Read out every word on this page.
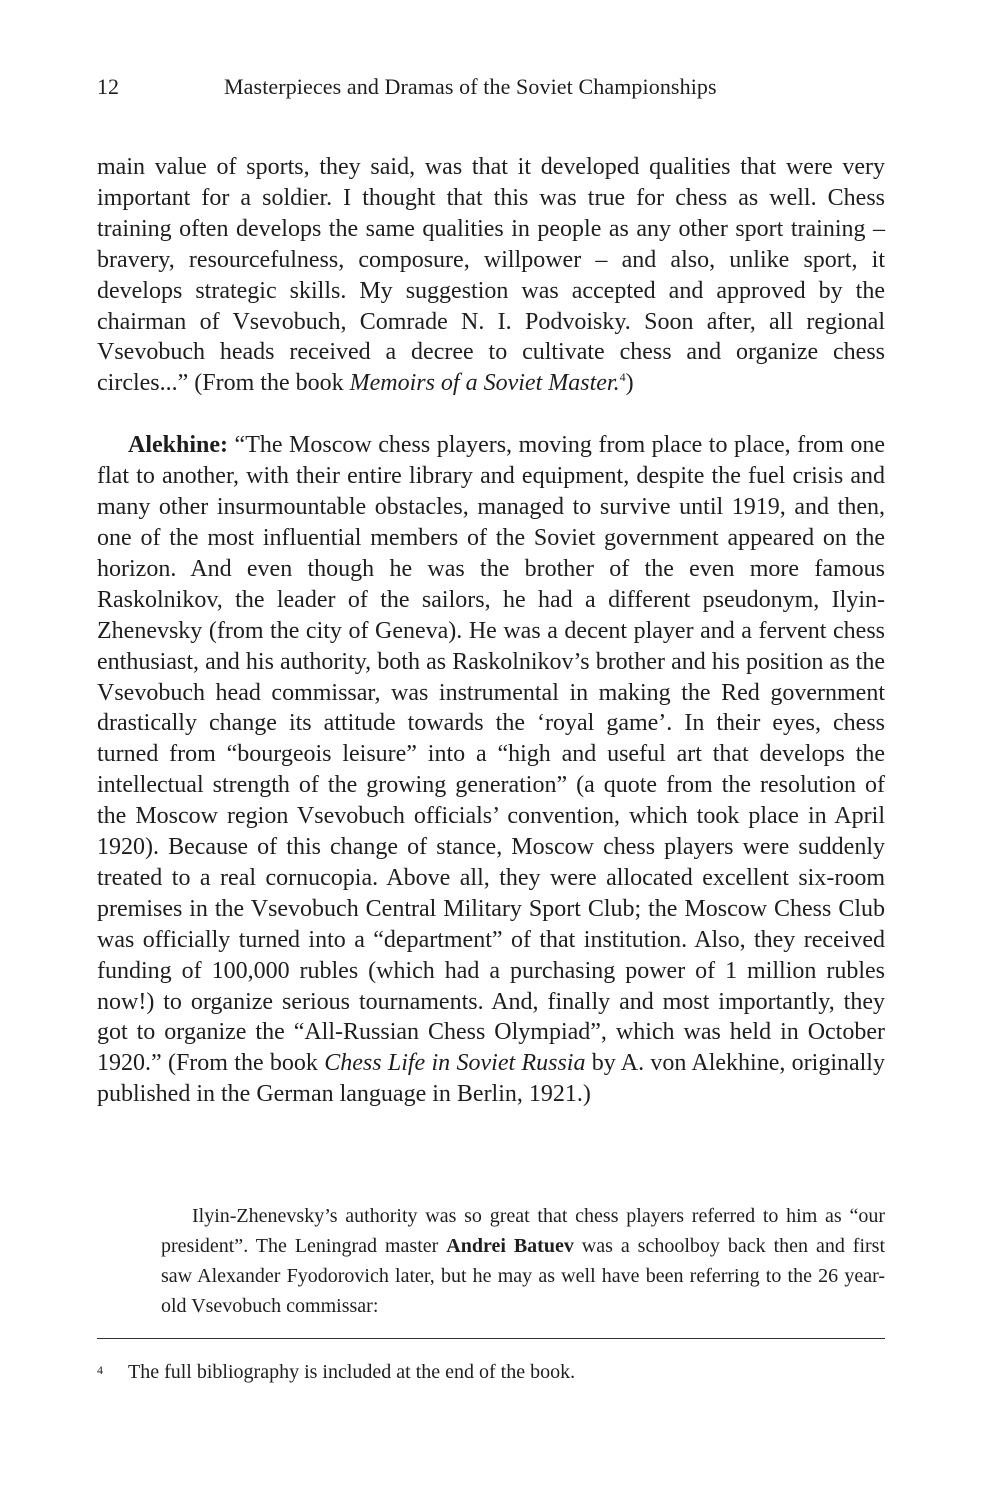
12	Masterpieces and Dramas of the Soviet Championships

main value of sports, they said, was that it developed qualities that were very important for a soldier. I thought that this was true for chess as well. Chess training often develops the same qualities in people as any other sport training – bravery, resourcefulness, composure, willpower – and also, unlike sport, it develops strategic skills. My suggestion was accepted and approved by the chairman of Vsevobuch, Comrade N. I. Podvoisky. Soon after, all regional Vsevobuch heads received a decree to cultivate chess and organize chess circles...” (From the book Memoirs of a Soviet Master.$^4$)

Alekhine: “The Moscow chess players, moving from place to place, from one flat to another, with their entire library and equipment, despite the fuel crisis and many other insurmountable obstacles, managed to survive until 1919, and then, one of the most influential members of the Soviet government appeared on the horizon. And even though he was the brother of the even more famous Raskolnikov, the leader of the sailors, he had a different pseudonym, Ilyin-Zhenevsky (from the city of Geneva). He was a decent player and a fervent chess enthusiast, and his authority, both as Raskolnikov’s brother and his position as the Vsevobuch head commissar, was instrumental in making the Red government drastically change its attitude towards the ‘royal game’. In their eyes, chess turned from “bourgeois leisure” into a “high and useful art that develops the intellectual strength of the growing generation” (a quote from the resolution of the Moscow region Vsevobuch officials’ convention, which took place in April 1920). Because of this change of stance, Moscow chess players were suddenly treated to a real cornucopia. Above all, they were allocated excellent six-room premises in the Vsevobuch Central Military Sport Club; the Moscow Chess Club was officially turned into a “department” of that institution. Also, they received funding of 100,000 rubles (which had a purchasing power of 1 million rubles now!) to organize serious tournaments. And, finally and most importantly, they got to organize the “All-Russian Chess Olympiad”, which was held in October 1920.” (From the book Chess Life in Soviet Russia by A. von Alekhine, originally published in the German language in Berlin, 1921.)

Ilyin-Zhenevsky’s authority was so great that chess players referred to him as “our president”. The Leningrad master Andrei Batuev was a schoolboy back then and first saw Alexander Fyodorovich later, but he may as well have been referring to the 26 year-old Vsevobuch commissar:

4 The full bibliography is included at the end of the book.
